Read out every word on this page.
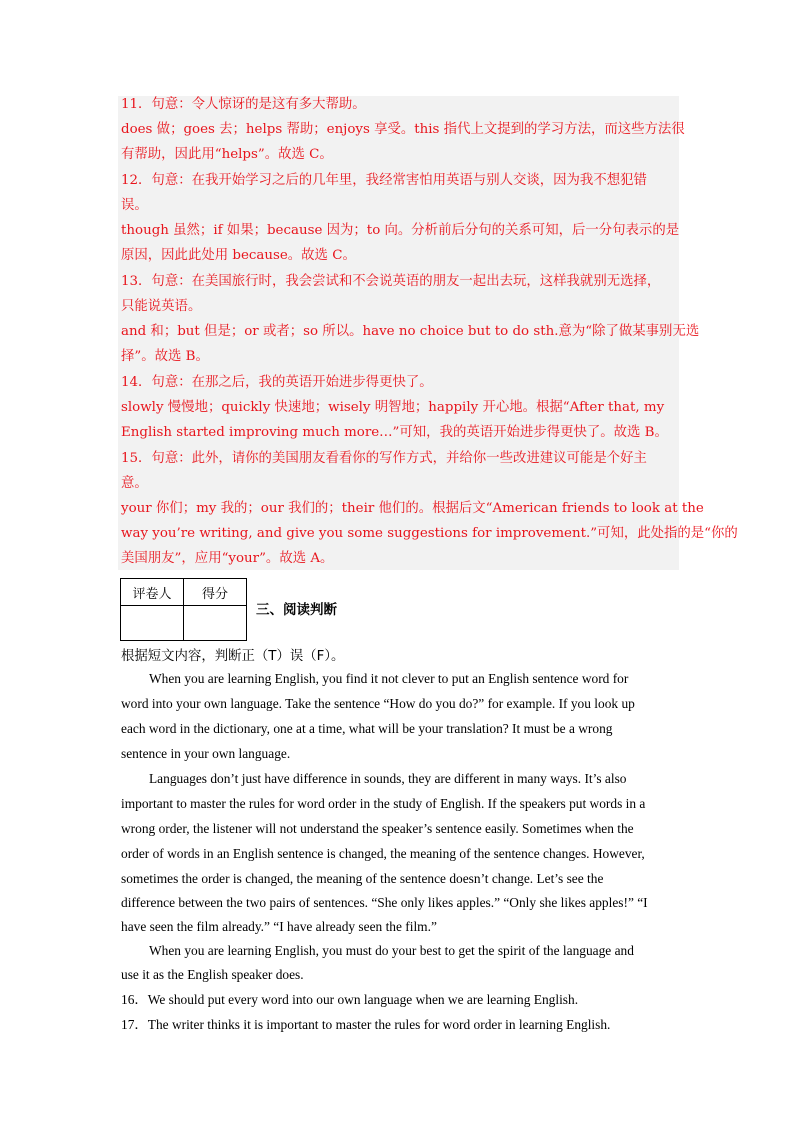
11．句意：令人惊讶的是这有多大帮助。
does 做；goes 去；helps 帮助；enjoys 享受。this 指代上文提到的学习方法，而这些方法很
有帮助，因此用“helps”。故选 C。
12．句意：在我开始学习之后的几年里，我经常害怕用英语与别人交谈，因为我不想犯错
误。
though 虽然；if 如果；because 因为；to 向。分析前后分句的关系可知，后一分句表示的是
原因，因此此处用 because。故选 C。
13．句意：在美国旅行时，我会尝试和不会说英语的朋友一起出去玩，这样我就别无选择，
只能说英语。
and 和；but 但是；or 或者；so 所以。have no choice but to do sth.意为“除了做某事别无选
择”。故选 B。
14．句意：在那之后，我的英语开始进步得更快了。
slowly 慢慢地；quickly 快速地；wisely 明智地；happily 开心地。根据“After that, my
English started improving much more…”可知，我的英语开始进步得更快了。故选 B。
15．句意：此外，请你的美国朋友看看你的写作方式，并给你一些改进建议可能是个好主
意。
your 你们；my 我的；our 我们的；their 他们的。根据后文“American friends to look at the
way you’re writing, and give you some suggestions for improvement.”可知，此处指的是“你的
美国朋友”，应用“your”。故选 A。
评卷人	得分

三、阅读判断
根据短文内容，判断正（T）误（F）。
When you are learning English, you find it not clever to put an English sentence word for
word into your own language. Take the sentence “How do you do?” for example. If you look up
each word in the dictionary, one at a time, what will be your translation? It must be a wrong
sentence in your own language.
Languages don’t just have difference in sounds, they are different in many ways. It’s also
important to master the rules for word order in the study of English. If the speakers put words in a
wrong order, the listener will not understand the speaker’s sentence easily. Sometimes when the
order of words in an English sentence is changed, the meaning of the sentence changes. However,
sometimes the order is changed, the meaning of the sentence doesn’t change. Let’s see the
difference between the two pairs of sentences. “She only likes apples.” “Only she likes apples!” “I
have seen the film already.” “I have already seen the film.”
When you are learning English, you must do your best to get the spirit of the language and
use it as the English speaker does.
16．We should put every word into our own language when we are learning English.
17．The writer thinks it is important to master the rules for word order in learning English.
